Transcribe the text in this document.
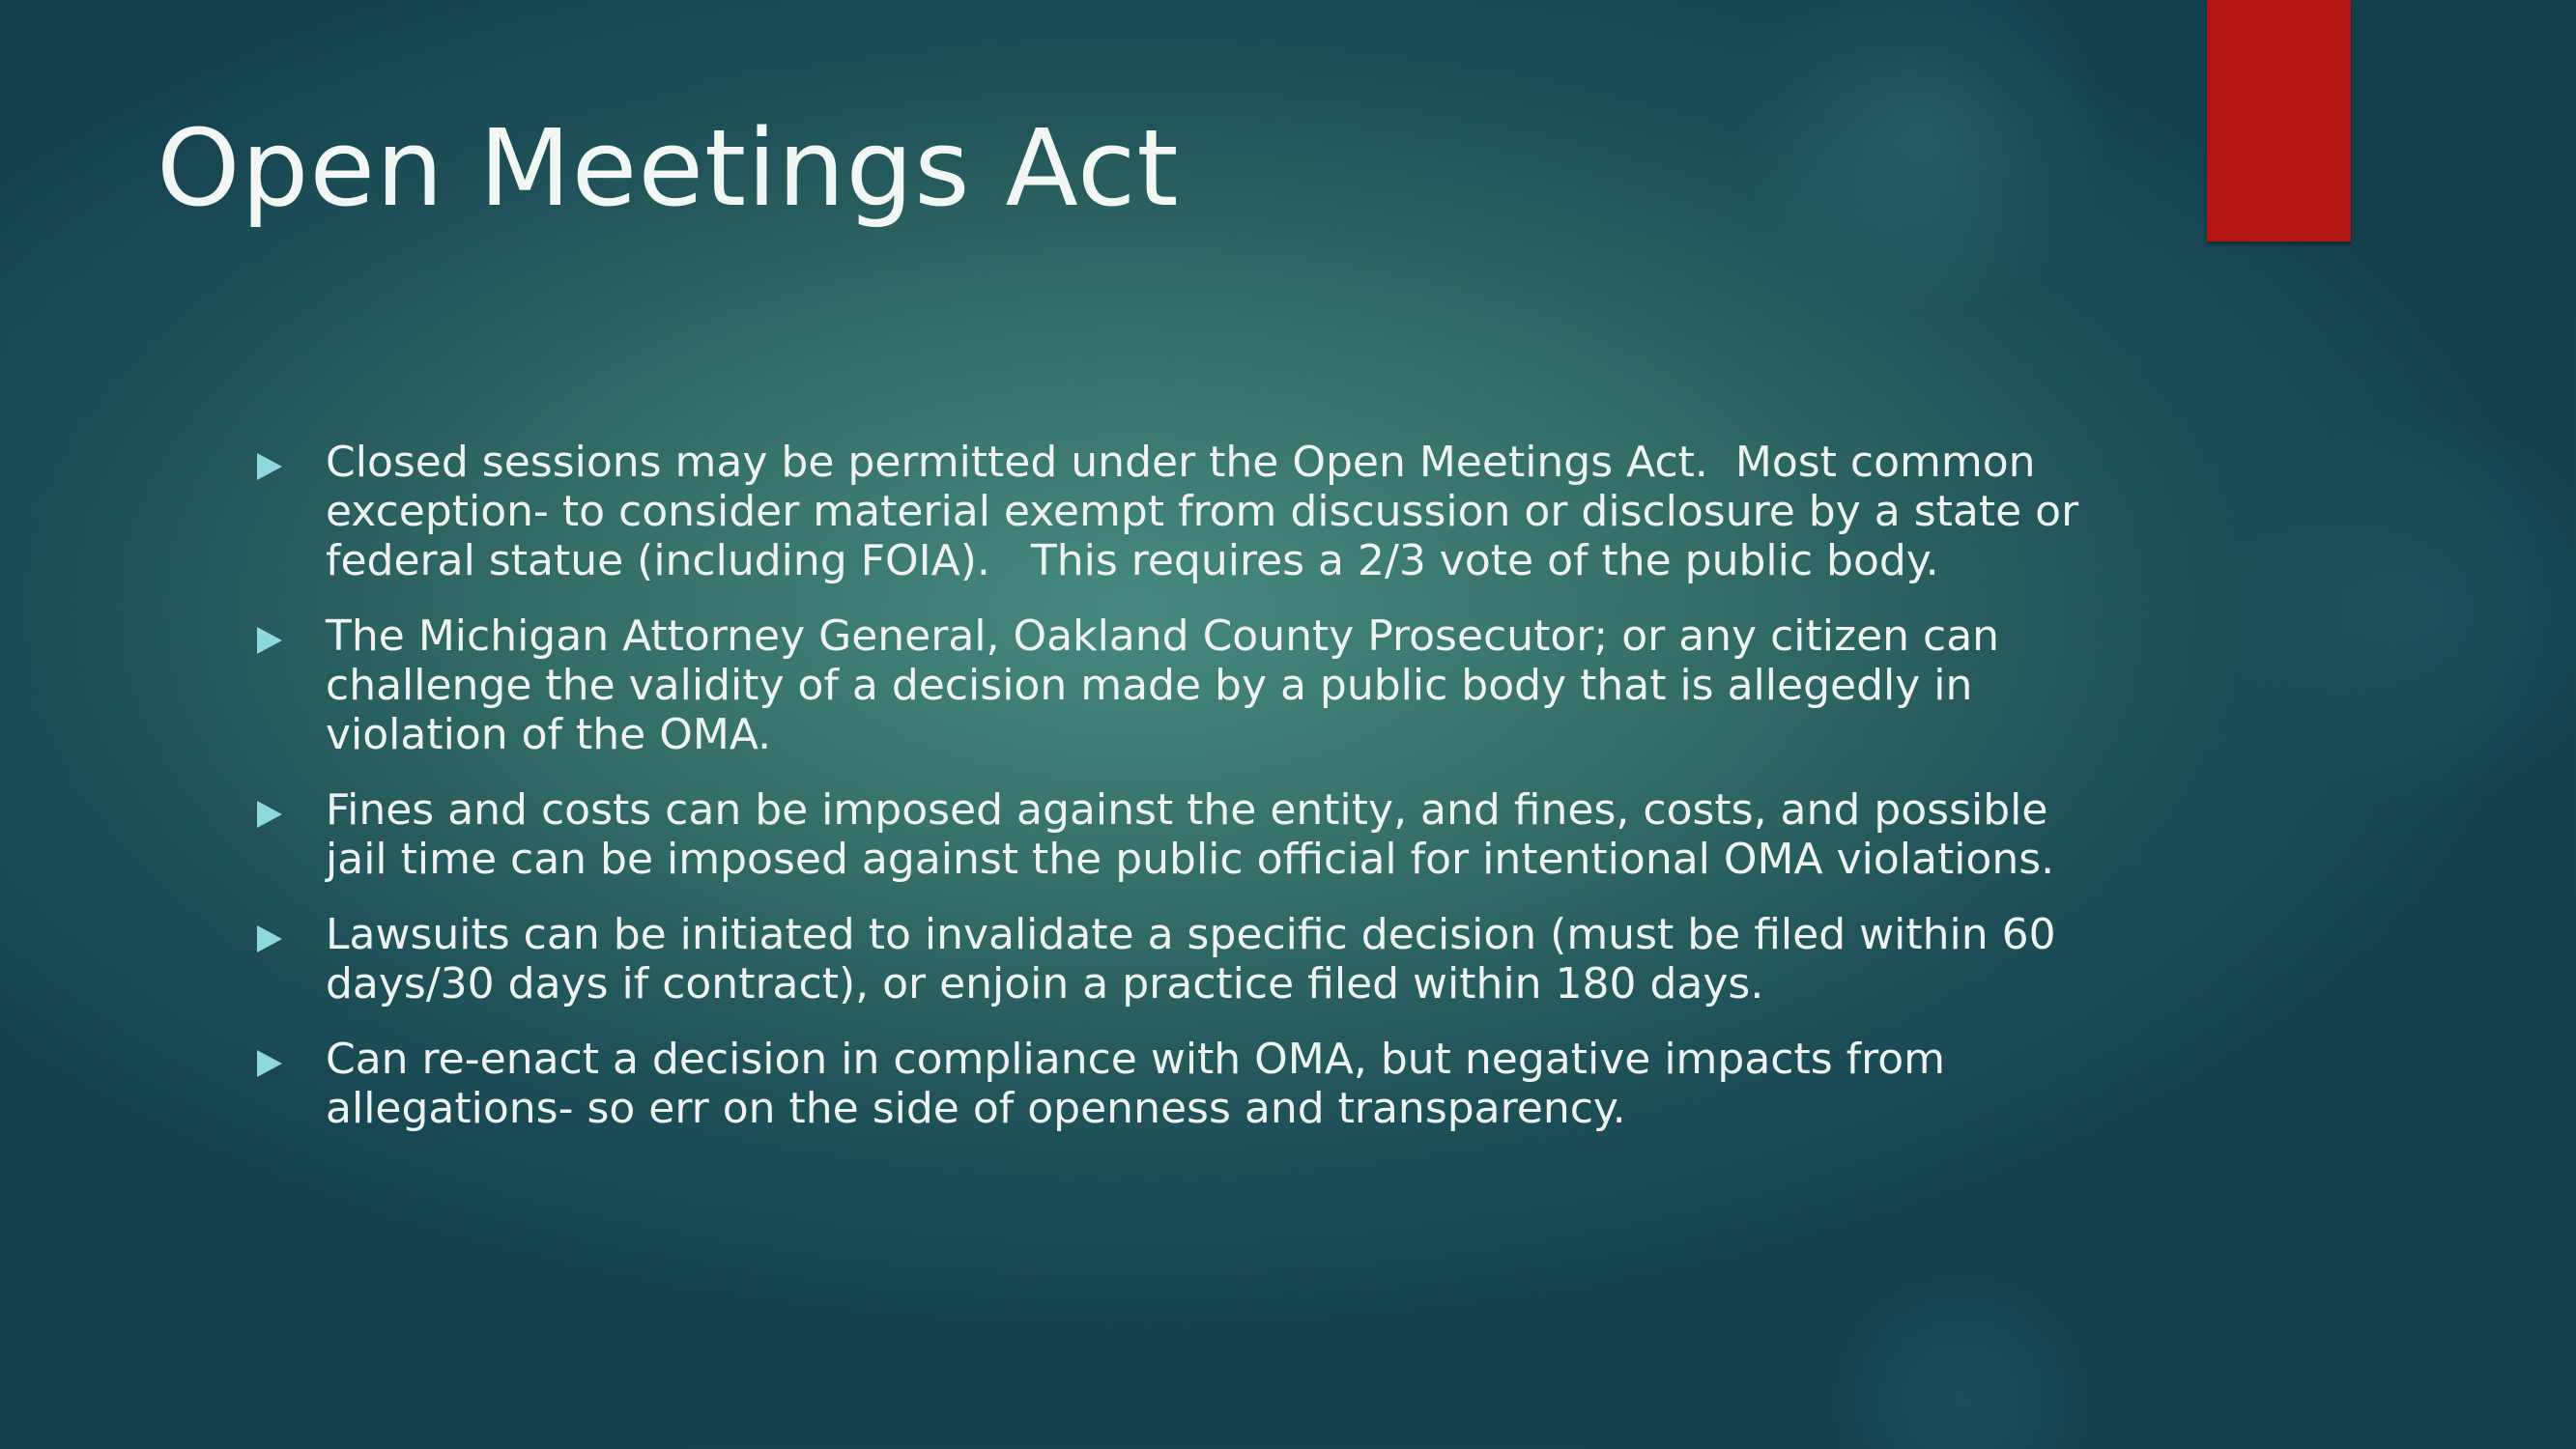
Open Meetings Act
Closed sessions may be permitted under the Open Meetings Act.  Most common exception- to consider material exempt from discussion or disclosure by a state or federal statue (including FOIA).   This requires a 2/3 vote of the public body.
The Michigan Attorney General, Oakland County Prosecutor; or any citizen can challenge the validity of a decision made by a public body that is allegedly in violation of the OMA.
Fines and costs can be imposed against the entity, and fines, costs, and possible jail time can be imposed against the public official for intentional OMA violations.
Lawsuits can be initiated to invalidate a specific decision (must be filed within 60 days/30 days if contract), or enjoin a practice filed within 180 days.
Can re-enact a decision in compliance with OMA, but negative impacts from allegations- so err on the side of openness and transparency.
